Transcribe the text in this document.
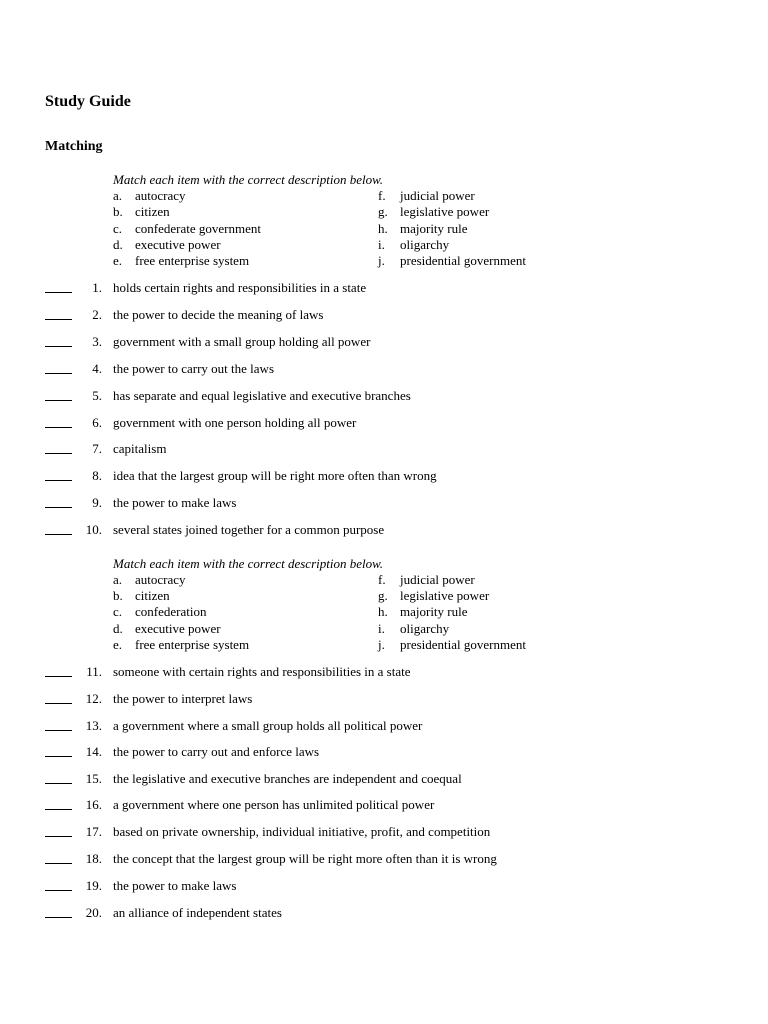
Study Guide
Matching
Match each item with the correct description below.
a. autocracy
b. citizen
c. confederate government
d. executive power
e. free enterprise system
f. judicial power
g. legislative power
h. majority rule
i. oligarchy
j. presidential government
1. holds certain rights and responsibilities in a state
2. the power to decide the meaning of laws
3. government with a small group holding all power
4. the power to carry out the laws
5. has separate and equal legislative and executive branches
6. government with one person holding all power
7. capitalism
8. idea that the largest group will be right more often than wrong
9. the power to make laws
10. several states joined together for a common purpose
Match each item with the correct description below.
a. autocracy
b. citizen
c. confederation
d. executive power
e. free enterprise system
f. judicial power
g. legislative power
h. majority rule
i. oligarchy
j. presidential government
11. someone with certain rights and responsibilities in a state
12. the power to interpret laws
13. a government where a small group holds all political power
14. the power to carry out and enforce laws
15. the legislative and executive branches are independent and coequal
16. a government where one person has unlimited political power
17. based on private ownership, individual initiative, profit, and competition
18. the concept that the largest group will be right more often than it is wrong
19. the power to make laws
20. an alliance of independent states
